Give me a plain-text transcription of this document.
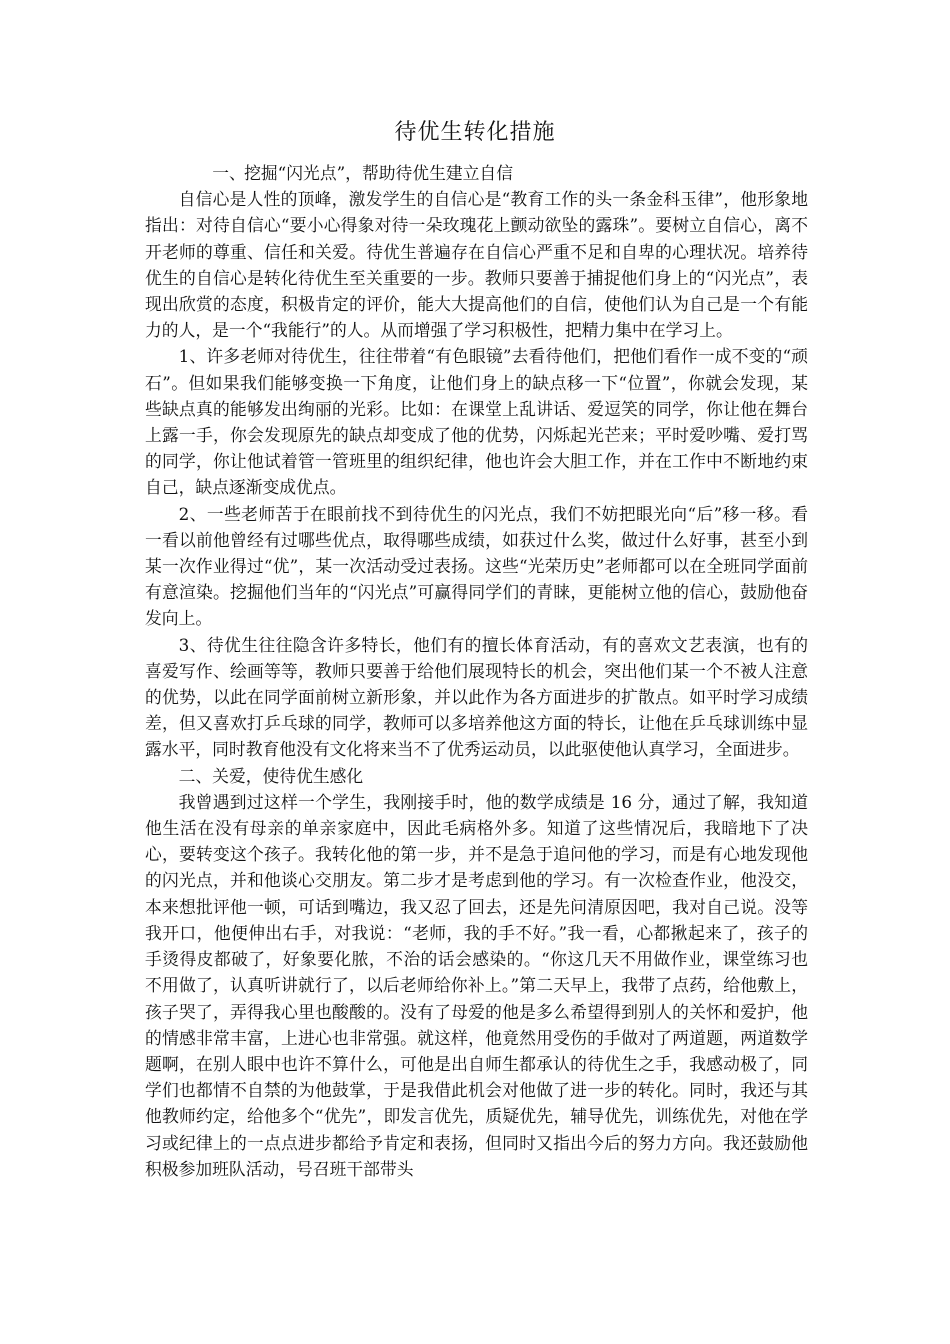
待优生转化措施

一、挖掘“闪光点”，帮助待优生建立自信

自信心是人性的顶峰，激发学生的自信心是“教育工作的头一条金科玉律”，他形象地指出：对待自信心“要小心得象对待一朵玫瑰花上颤动欲坠的露珠”。要树立自信心，离不开老师的尊重、信任和关爱。待优生普遍存在自信心严重不足和自卑的心理状况。培养待优生的自信心是转化待优生至关重要的一步。教师只要善于捕捉他们身上的“闪光点”，表现出欣赏的态度，积极肯定的评价，能大大提高他们的自信，使他们认为自己是一个有能力的人，是一个“我能行”的人。从而增强了学习积极性，把精力集中在学习上。

1、许多老师对待优生，往往带着“有色眼镜”去看待他们，把他们看作一成不变的“顽石”。但如果我们能够变换一下角度，让他们身上的缺点移一下“位置”，你就会发现，某些缺点真的能够发出绚丽的光彩。比如：在课堂上乱讲话、爱逗笑的同学，你让他在舞台上露一手，你会发现原先的缺点却变成了他的优势，闪烁起光芒来；平时爱吵嘴、爱打骂的同学，你让他试着管一管班里的组织纪律，他也许会大胆工作，并在工作中不断地约束自己，缺点逐渐变成优点。

2、一些老师苦于在眼前找不到待优生的闪光点，我们不妨把眼光向“后”移一移。看一看以前他曾经有过哪些优点，取得哪些成绩，如获过什么奖，做过什么好事，甚至小到某一次作业得过“优”，某一次活动受过表扬。这些“光荣历史”老师都可以在全班同学面前有意渲染。挖掘他们当年的“闪光点”可赢得同学们的青睐，更能树立他的信心，鼓励他奋发向上。

3、待优生往往隐含许多特长，他们有的擅长体育活动，有的喜欢文艺表演，也有的喜爱写作、绘画等等，教师只要善于给他们展现特长的机会，突出他们某一个不被人注意的优势，以此在同学面前树立新形象，并以此作为各方面进步的扩散点。如平时学习成绩差，但又喜欢打乒乓球的同学，教师可以多培养他这方面的特长，让他在乒乓球训练中显露水平，同时教育他没有文化将来当不了优秀运动员，以此驱使他认真学习，全面进步。

二、关爱，使待优生感化

我曾遇到过这样一个学生，我刚接手时，他的数学成绩是 16 分，通过了解，我知道他生活在没有母亲的单亲家庭中，因此毛病格外多。知道了这些情况后，我暗地下了决心，要转变这个孩子。我转化他的第一步，并不是急于追问他的学习，而是有心地发现他的闪光点，并和他谈心交朋友。第二步才是考虑到他的学习。有一次检查作业，他没交，本来想批评他一顿，可话到嘴边，我又忍了回去，还是先问清原因吧，我对自己说。没等我开口，他便伸出右手，对我说：“老师，我的手不好。”我一看，心都揪起来了，孩子的手烫得皮都破了，好象要化脓，不治的话会感染的。“你这几天不用做作业，课堂练习也不用做了，认真听讲就行了，以后老师给你补上。”第二天早上，我带了点药，给他敷上，孩子哭了，弄得我心里也酸酸的。没有了母爱的他是多么希望得到别人的关怀和爱护，他的情感非常丰富，上进心也非常强。就这样，他竟然用受伤的手做对了两道题，两道数学题啊，在别人眼中也许不算什么，可他是出自师生都承认的待优生之手，我感动极了，同学们也都情不自禁的为他鼓掌，于是我借此机会对他做了进一步的转化。同时，我还与其他教师约定，给他多个“优先”，即发言优先，质疑优先，辅导优先，训练优先，对他在学习或纪律上的一点点进步都给予肯定和表扬，但同时又指出今后的努力方向。我还鼓励他积极参加班队活动，号召班干部带头
